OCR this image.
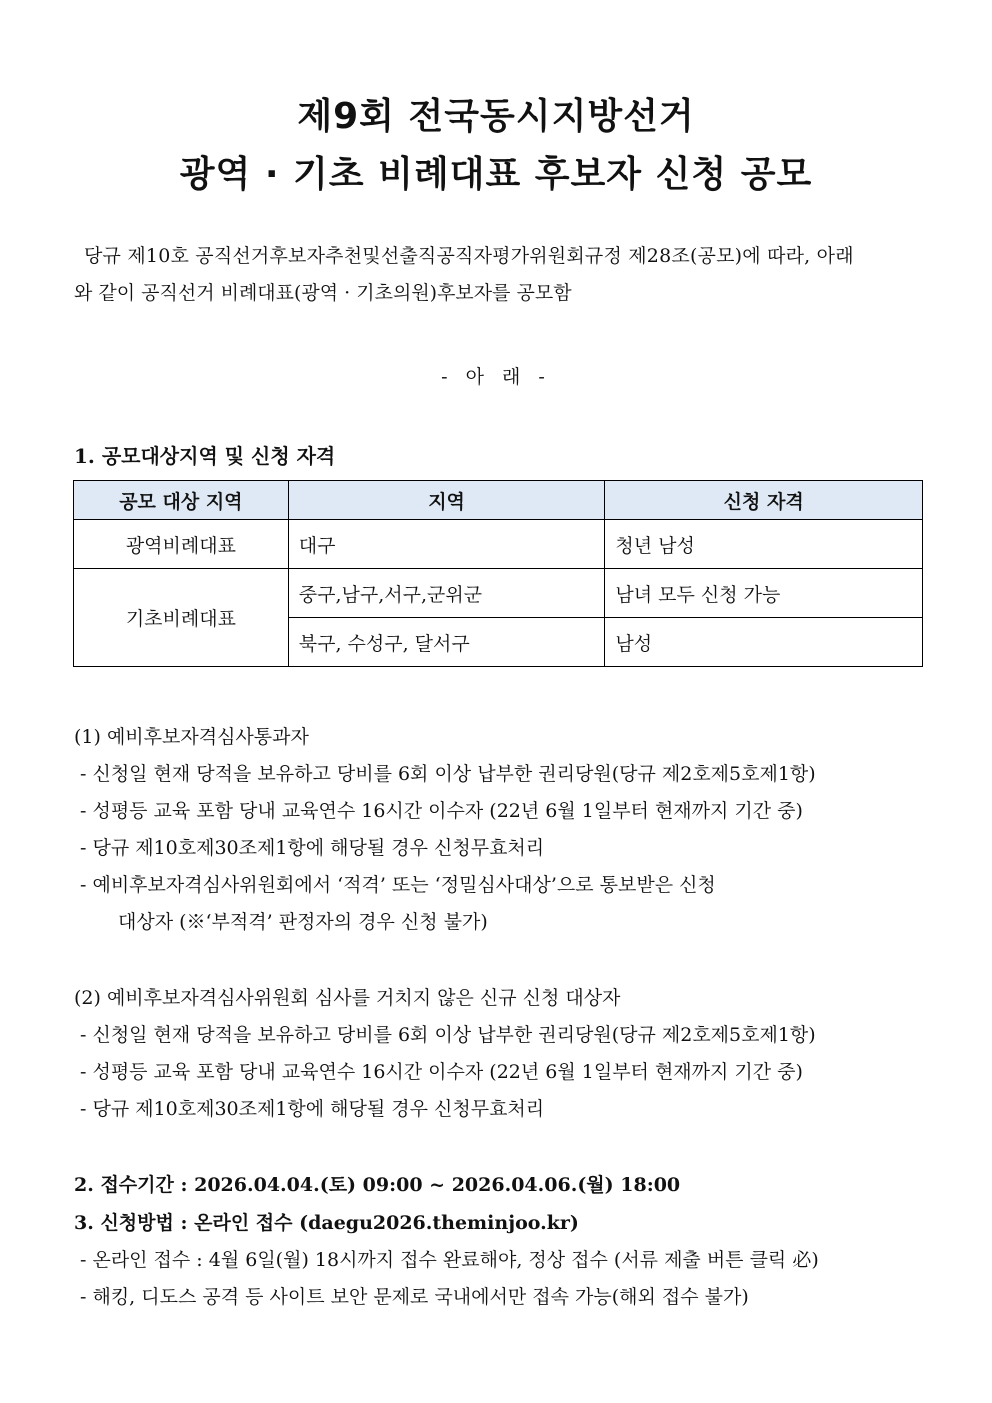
제9회 전국동시지방선거
광역 · 기초 비례대표 후보자 신청 공모
당규 제10호 공직선거후보자추천및선출직공직자평가위원회규정 제28조(공모)에 따라, 아래
와 같이 공직선거 비례대표(광역 · 기초의원)후보자를 공모함
- 아 래 -
1. 공모대상지역 및 신청 자격
공모 대상 지역	지역	신청 자격
광역비례대표	대구	청년 남성
기초비례대표	중구,남구,서구,군위군	남녀 모두 신청 가능
	북구, 수성구, 달서구	남성
(1) 예비후보자격심사통과자
- 신청일 현재 당적을 보유하고 당비를 6회 이상 납부한 권리당원(당규 제2호제5호제1항)
- 성평등 교육 포함 당내 교육연수 16시간 이수자 (22년 6월 1일부터 현재까지 기간 중)
- 당규 제10호제30조제1항에 해당될 경우 신청무효처리
- 예비후보자격심사위원회에서 ‘적격’ 또는 ‘정밀심사대상’으로 통보받은 신청
대상자 (※‘부적격’ 판정자의 경우 신청 불가)
(2) 예비후보자격심사위원회 심사를 거치지 않은 신규 신청 대상자
- 신청일 현재 당적을 보유하고 당비를 6회 이상 납부한 권리당원(당규 제2호제5호제1항)
- 성평등 교육 포함 당내 교육연수 16시간 이수자 (22년 6월 1일부터 현재까지 기간 중)
- 당규 제10호제30조제1항에 해당될 경우 신청무효처리
2. 접수기간 : 2026.04.04.(토) 09:00 ~ 2026.04.06.(월) 18:00
3. 신청방법 : 온라인 접수 (daegu2026.theminjoo.kr)
- 온라인 접수 : 4월 6일(월) 18시까지 접수 완료해야, 정상 접수 (서류 제출 버튼 클릭 必)
- 해킹, 디도스 공격 등 사이트 보안 문제로 국내에서만 접속 가능(해외 접수 불가)
